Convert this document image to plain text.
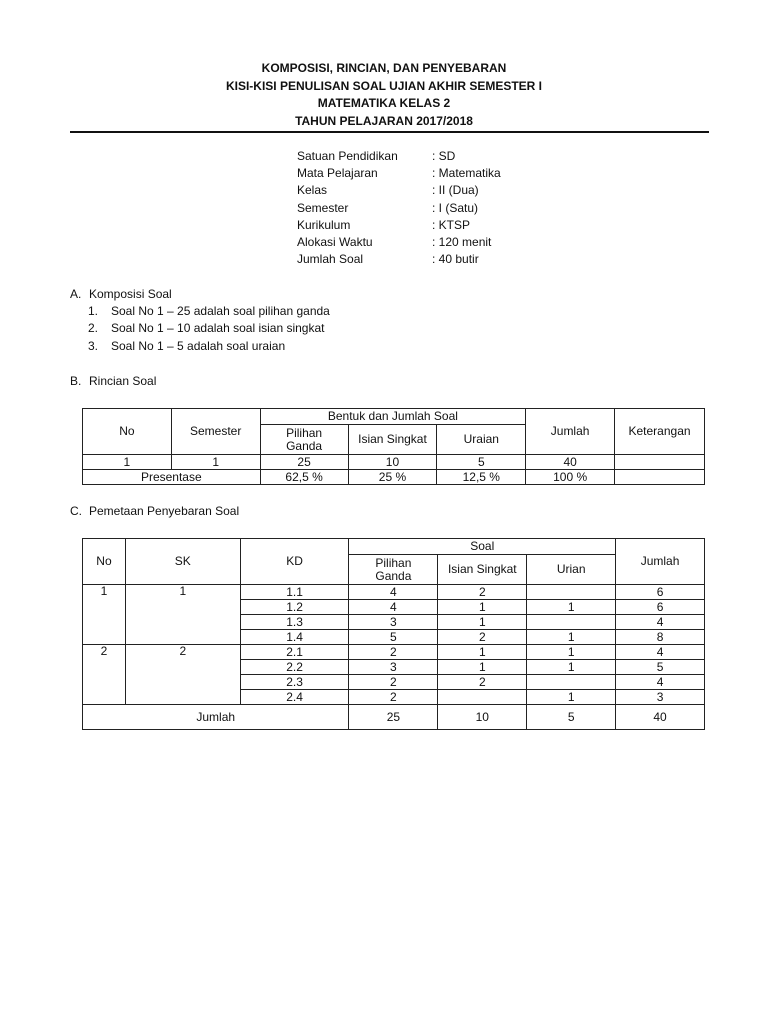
KOMPOSISI, RINCIAN, DAN PENYEBARAN
KISI-KISI PENULISAN SOAL UJIAN AKHIR SEMESTER I
MATEMATIKA KELAS 2
TAHUN PELAJARAN 2017/2018
Satuan Pendidikan	: SD
Mata Pelajaran	: Matematika
Kelas	: II (Dua)
Semester	: I (Satu)
Kurikulum	: KTSP
Alokasi Waktu	: 120 menit
Jumlah Soal	: 40 butir
A. Komposisi Soal
1. Soal No 1 – 25 adalah soal pilihan ganda
2. Soal No 1 – 10 adalah soal isian singkat
3. Soal No 1 – 5 adalah soal uraian
B. Rincian Soal
No	Semester	Bentuk dan Jumlah Soal			Jumlah	Keterangan
		Pilihan Ganda	Isian Singkat	Uraian		
1	1	25	10	5	40	
Presentase		62,5 %	25 %	12,5 %	100 %	
C. Pemetaan Penyebaran Soal
No	SK	KD	Soal			Jumlah
			Pilihan Ganda	Isian Singkat	Urian	
1	1	1.1	4	2		6
		1.2	4	1	1	6
		1.3	3	1		4
		1.4	5	2	1	8
2	2	2.1	2	1	1	4
		2.2	3	1	1	5
		2.3	2	2		4
		2.4	2		1	3
Jumlah			25	10	5	40
